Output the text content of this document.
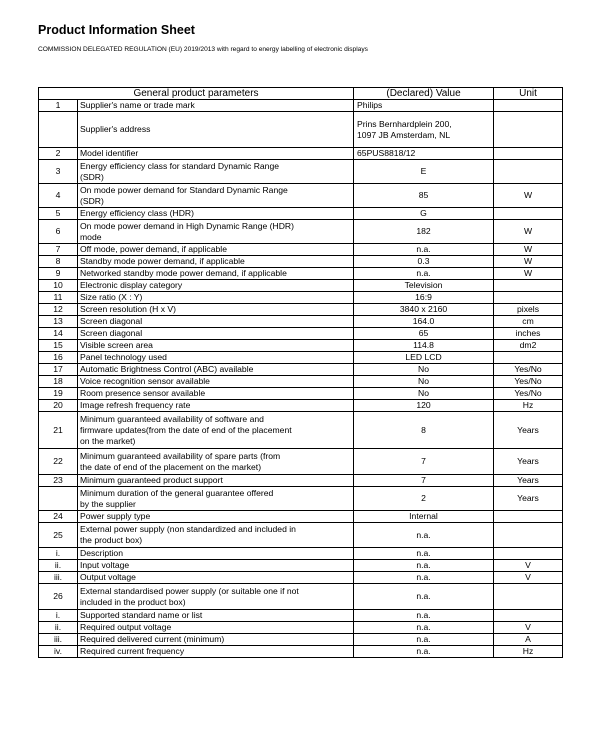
Product Information Sheet
COMMISSION DELEGATED REGULATION (EU) 2019/2013 with regard to energy labelling of electronic displays
General product parameters		(Declared) Value	Unit
1	Supplier's name or trade mark	Philips	
	Supplier's address	Prins Bernhardplein 200,
1097 JB Amsterdam, NL	
2	Model identifier	65PUS8818/12	
3	Energy efficiency class for standard Dynamic Range
(SDR)	E	
4	On mode power demand for Standard Dynamic Range
(SDR)	85	W
5	Energy efficiency class (HDR)	G	
6	On mode power demand in High Dynamic Range (HDR)
mode	182	W
7	Off mode, power demand, if applicable	n.a.	W
8	Standby mode power demand, if applicable	0.3	W
9	Networked standby mode power demand, if applicable	n.a.	W
10	Electronic display category	Television	
11	Size ratio (X : Y)	16:9	
12	Screen resolution (H x V)	3840 x 2160	pixels
13	Screen diagonal	164.0	cm
14	Screen diagonal	65	inches
15	Visible screen area	114.8	dm2
16	Panel technology used	LED LCD	
17	Automatic Brightness Control (ABC) available	No	Yes/No
18	Voice recognition sensor available	No	Yes/No
19	Room presence sensor available	No	Yes/No
20	Image refresh frequency rate	120	Hz
21	Minimum guaranteed availability of software and
firmware updates(from the date of end of the placement
on the market)	8	Years
22	Minimum guaranteed availability of spare parts (from
the date of end of the placement on the market)	7	Years
23	Minimum guaranteed product support	7	Years
	Minimum duration of the general guarantee offered
by the supplier	2	Years
24	Power supply type	Internal	
25	External power supply (non standardized and included in
the product box)	n.a.	
i.	Description	n.a.	
ii.	Input voltage	n.a.	V
iii.	Output voltage	n.a.	V
26	External standardised power supply (or suitable one if not
included in the product box)	n.a.	
i.	Supported standard name or list	n.a.	
ii.	Required output voltage	n.a.	V
iii.	Required delivered current (minimum)	n.a.	A
iv.	Required current frequency	n.a.	Hz
